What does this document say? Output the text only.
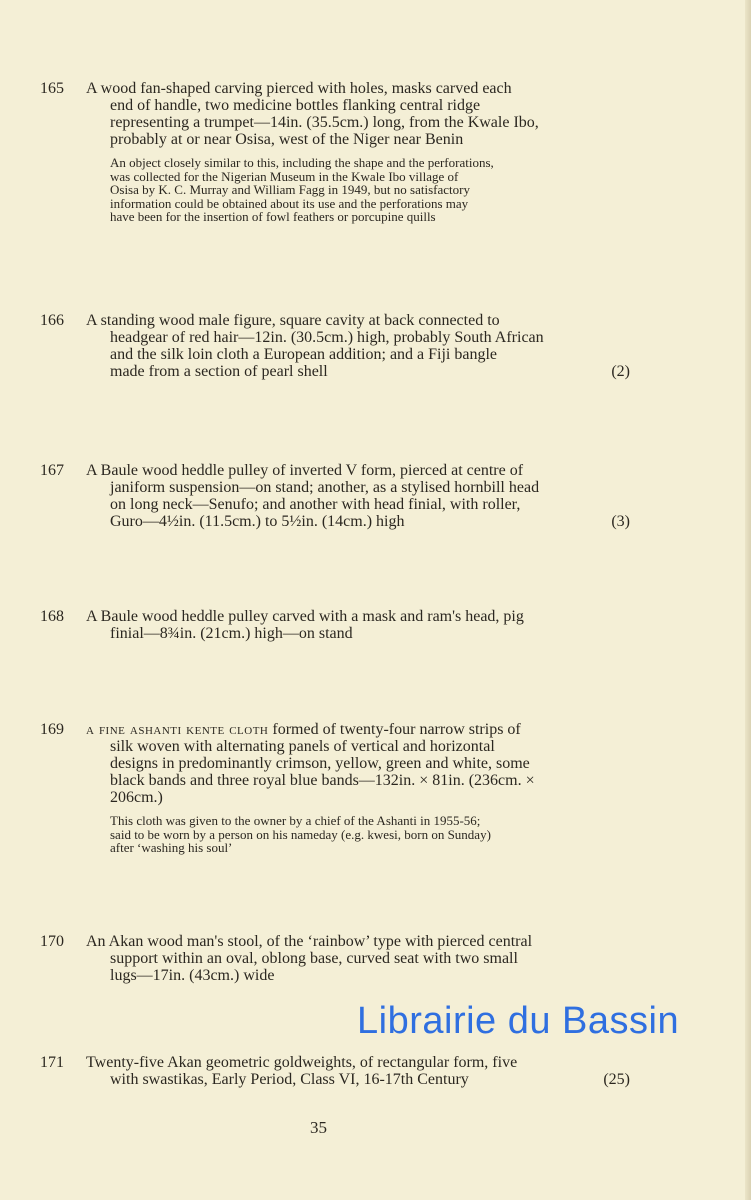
165 A wood fan-shaped carving pierced with holes, masks carved each
end of handle, two medicine bottles flanking central ridge
representing a trumpet—14in. (35.5cm.) long, from the Kwale Ibo,
probably at or near Osisa, west of the Niger near Benin
An object closely similar to this, including the shape and the perforations,
was collected for the Nigerian Museum in the Kwale Ibo village of
Osisa by K. C. Murray and William Fagg in 1949, but no satisfactory
information could be obtained about its use and the perforations may
have been for the insertion of fowl feathers or porcupine quills
166 A standing wood male figure, square cavity at back connected to
headgear of red hair—12in. (30.5cm.) high, probably South African
and the silk loin cloth a European addition; and a Fiji bangle
made from a section of pearl shell	(2)
167 A Baule wood heddle pulley of inverted V form, pierced at centre of
janiform suspension—on stand; another, as a stylised hornbill head
on long neck—Senufo; and another with head finial, with roller,
Guro—4½in. (11.5cm.) to 5½in. (14cm.) high	(3)
168 A Baule wood heddle pulley carved with a mask and ram's head, pig
finial—8¾in. (21cm.) high—on stand
169 a fine ashanti kente cloth formed of twenty-four narrow strips of
silk woven with alternating panels of vertical and horizontal
designs in predominantly crimson, yellow, green and white, some
black bands and three royal blue bands—132in. × 81in. (236cm. ×
206cm.)
This cloth was given to the owner by a chief of the Ashanti in 1955-56;
said to be worn by a person on his nameday (e.g. kwesi, born on Sunday)
after ‘washing his soul’
170 An Akan wood man's stool, of the ‘rainbow’ type with pierced central
support within an oval, oblong base, curved seat with two small
lugs—17in. (43cm.) wide
Librairie du Bassin
171 Twenty-five Akan geometric goldweights, of rectangular form, five
with swastikas, Early Period, Class VI, 16-17th Century	(25)
35
